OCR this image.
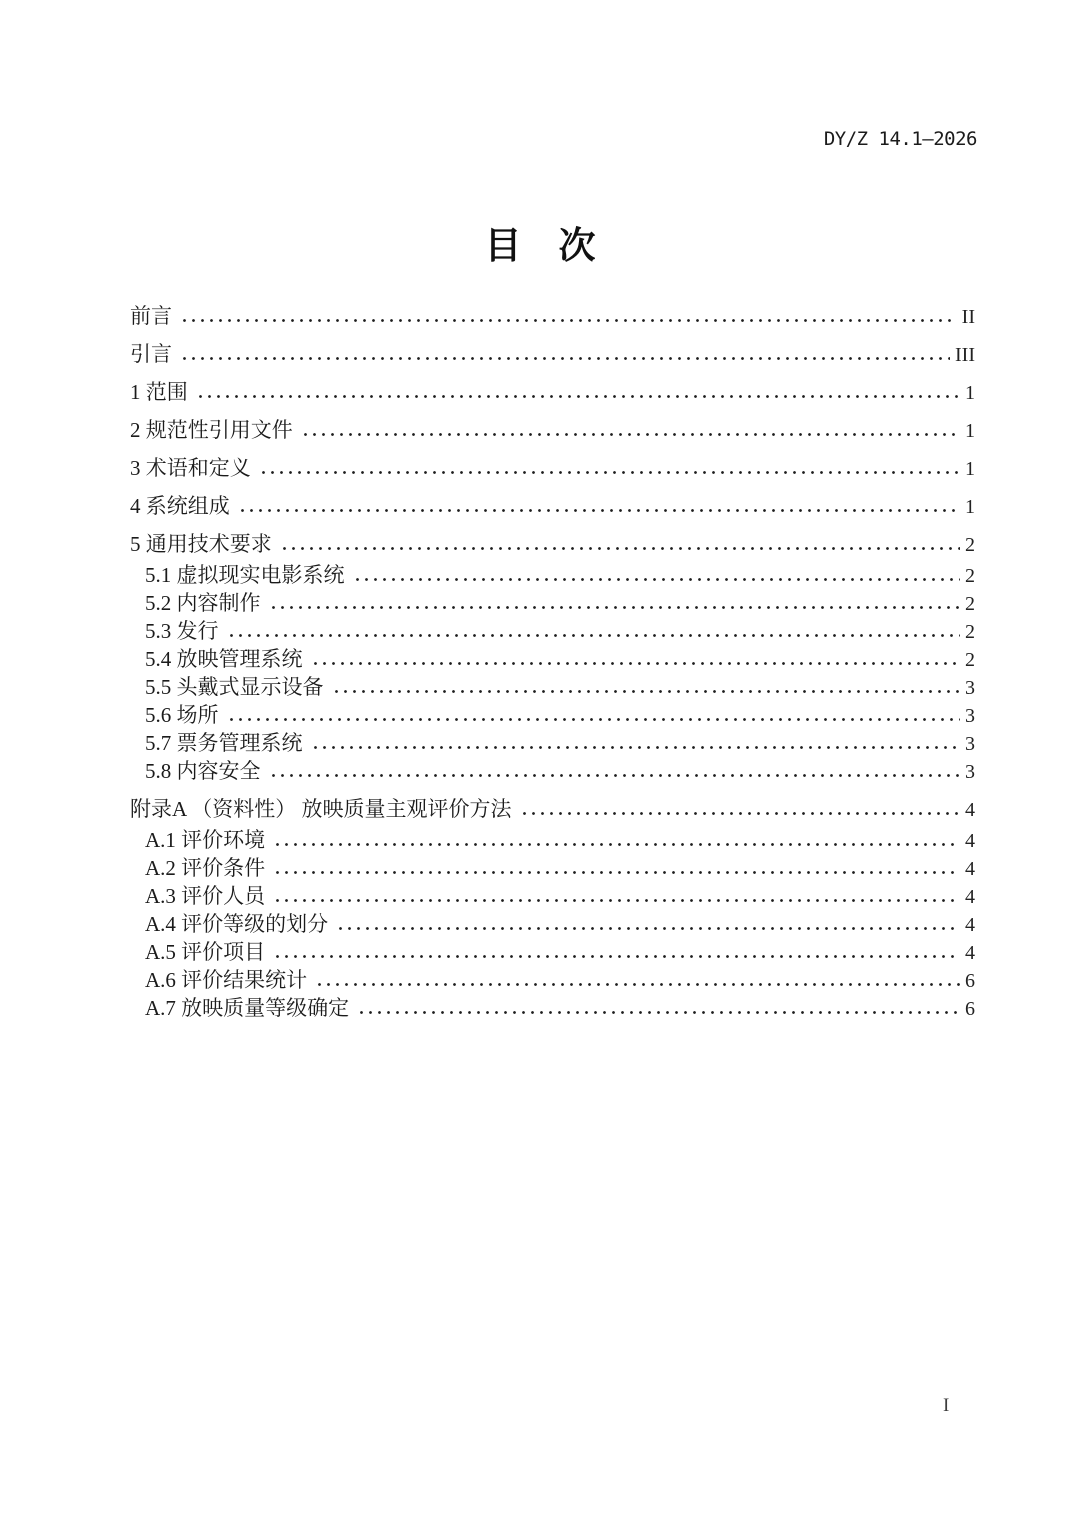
DY/Z 14.1—2026
目　次
前言	II
引言	III
1 范围	1
2 规范性引用文件	1
3 术语和定义	1
4 系统组成	1
5 通用技术要求	2
5.1 虚拟现实电影系统	2
5.2 内容制作	2
5.3 发行	2
5.4 放映管理系统	2
5.5 头戴式显示设备	3
5.6 场所	3
5.7 票务管理系统	3
5.8 内容安全	3
附录A （资料性） 放映质量主观评价方法	4
A.1 评价环境	4
A.2 评价条件	4
A.3 评价人员	4
A.4 评价等级的划分	4
A.5 评价项目	4
A.6 评价结果统计	6
A.7 放映质量等级确定	6
I
